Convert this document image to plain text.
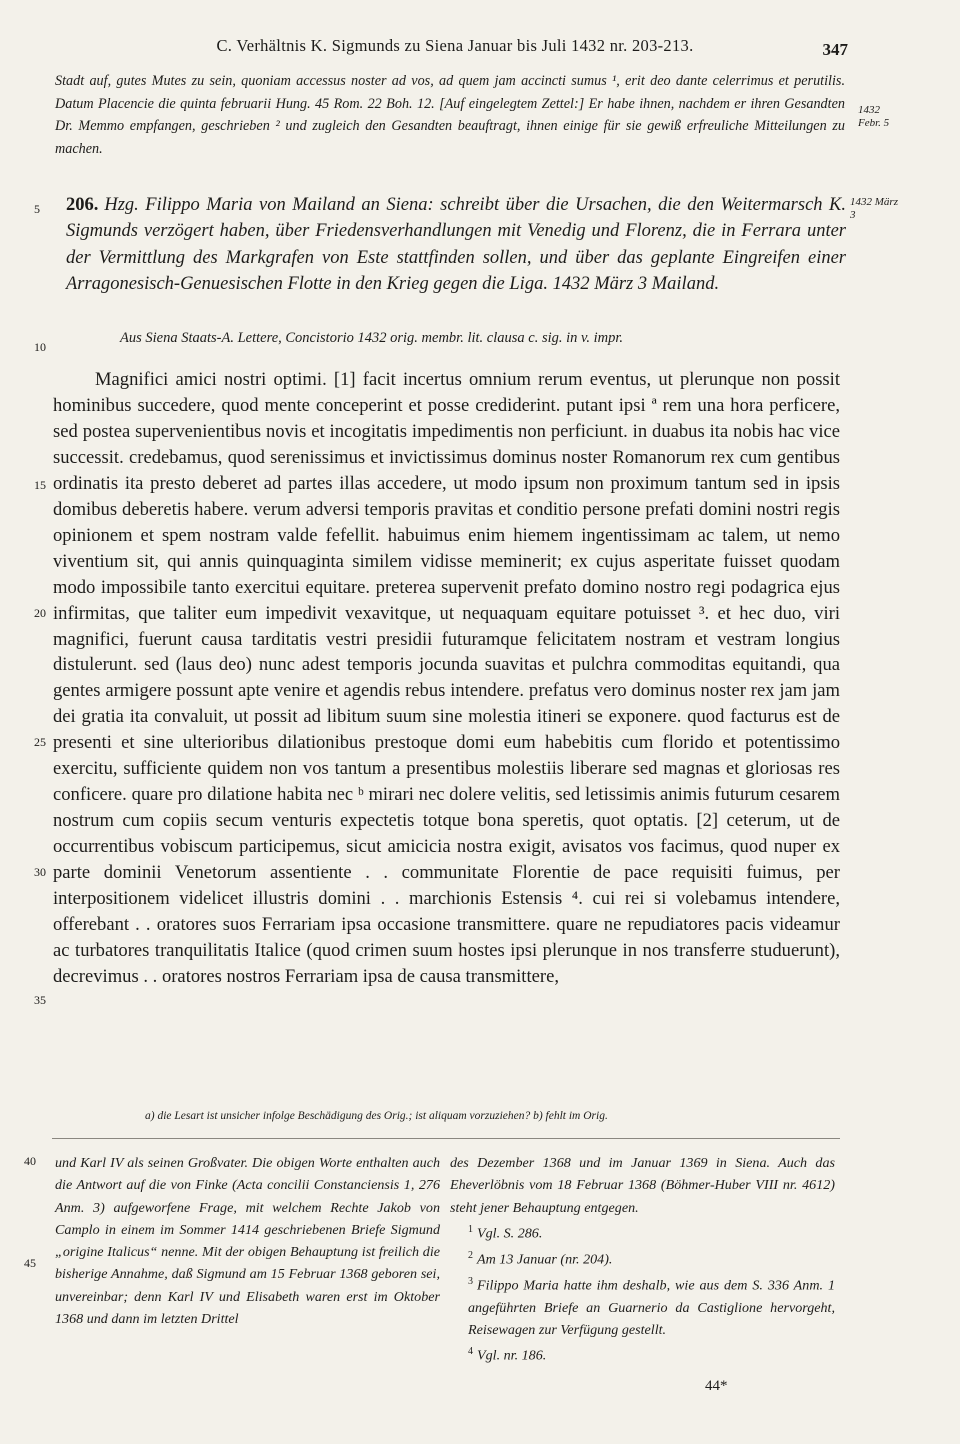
C. Verhältnis K. Sigmunds zu Siena Januar bis Juli 1432 nr. 203-213.	347

Stadt auf, gutes Mutes zu sein, quoniam accessus noster ad vos, ad quem jam accincti sumus ¹, erit deo dante celerrimus et perutilis. Datum Placencie die quinta februarii Hung. 45 Rom. 22 Boh. 12. [Auf eingelegtem Zettel:] Er habe ihnen, nachdem er ihren Gesandten Dr. Memmo empfangen, geschrieben ² und zugleich den Gesandten beauftragt, ihnen einige für sie gewiß erfreuliche Mitteilungen zu machen.

1432 Febr. 5
5 206. Hzg. Filippo Maria von Mailand an Siena: schreibt über die Ursachen, die den Weitermarsch K. Sigmunds verzögert haben, über Friedensverhandlungen mit Venedig und Florenz, die in Ferrara unter der Vermittlung des Markgrafen von Este stattfinden sollen, und über das geplante Eingreifen einer Arragonesisch-Genuesischen Flotte in den Krieg gegen die Liga. 1432 März 3 Mailand.
1432 März 3
10
Aus Siena Staats-A. Lettere, Concistorio 1432 orig. membr. lit. clausa c. sig. in v. impr.
15
20
25
30
35

Magnifici amici nostri optimi. [1] facit incertus omnium rerum eventus, ut plerunque non possit hominibus succedere, quod mente conceperint et posse crediderint. putant ipsi ª rem una hora perficere, sed postea supervenientibus novis et incogitatis impedimentis non perficiunt. in duabus ita nobis hac vice successit. credebamus, quod serenissimus et invictissimus dominus noster Romanorum rex cum gentibus ordinatis ita presto deberet ad partes illas accedere, ut modo ipsum non proximum tantum sed in ipsis domibus deberetis habere. verum adversi temporis pravitas et conditio persone prefati domini nostri regis opinionem et spem nostram valde fefellit. habuimus enim hiemem ingentissimam ac talem, ut nemo viventium sit, qui annis quinquaginta similem vidisse meminerit; ex cujus asperitate fuisset quodam modo impossibile tanto exercitui equitare. preterea supervenit prefato domino nostro regi podagrica ejus infirmitas, que taliter eum impedivit vexavitque, ut nequaquam equitare potuisset ³. et hec duo, viri magnifici, fuerunt causa tarditatis vestri presidii futuramque felicitatem nostram et vestram longius distulerunt. sed (laus deo) nunc adest temporis jocunda suavitas et pulchra commoditas equitandi, qua gentes armigere possunt apte venire et agendis rebus intendere. prefatus vero dominus noster rex jam jam dei gratia ita convaluit, ut possit ad libitum suum sine molestia itineri se exponere. quod facturus est de presenti et sine ulterioribus dilationibus prestoque domi eum habebitis cum florido et potentissimo exercitu, sufficiente quidem non vos tantum a presentibus molestiis liberare sed magnas et gloriosas res conficere. quare pro dilatione habita nec ᵇ mirari nec dolere velitis, sed letissimis animis futurum cesarem nostrum cum copiis secum venturis expectetis totque bona speretis, quot optatis. [2] ceterum, ut de occurrentibus vobiscum participemus, sicut amicicia nostra exigit, avisatos vos facimus, quod nuper ex parte dominii Venetorum assentiente . . communitate Florentie de pace requisiti fuimus, per interpositionem videlicet illustris domini . . marchionis Estensis ⁴. cui rei si volebamus intendere, offerebant . . oratores suos Ferrariam ipsa occasione transmittere. quare ne repudiatores pacis videamur ac turbatores tranquilitatis Italice (quod crimen suum hostes ipsi plerunque in nos transferre studuerunt), decrevimus . . oratores nostros Ferrariam ipsa de causa transmittere,

a) die Lesart ist unsicher infolge Beschädigung des Orig.; ist aliquam vorzuziehen? b) fehlt im Orig.
40
45

und Karl IV als seinen Großvater. Die obigen Worte enthalten auch die Antwort auf die von Finke (Acta concilii Constanciensis 1, 276 Anm. 3) aufgeworfene Frage, mit welchem Rechte Jakob von Camplo in einem im Sommer 1414 geschriebenen Briefe Sigmund „origine Italicus“ nenne. Mit der obigen Behauptung ist freilich die bisherige Annahme, daß Sigmund am 15 Februar 1368 geboren sei, unvereinbar; denn Karl IV und Elisabeth waren erst im Oktober 1368 und dann im letzten Drittel

des Dezember 1368 und im Januar 1369 in Siena. Auch das Eheverlöbnis vom 18 Februar 1368 (Böhmer-Huber VIII nr. 4612) steht jener Behauptung entgegen.

$^1$ Vgl. S. 286.
$^2$ Am 13 Januar (nr. 204).
$^3$ Filippo Maria hatte ihm deshalb, wie aus dem S. 336 Anm. 1 angeführten Briefe an Guarnerio da Castiglione hervorgeht, Reisewagen zur Verfügung gestellt.
$^4$ Vgl. nr. 186.
44*
